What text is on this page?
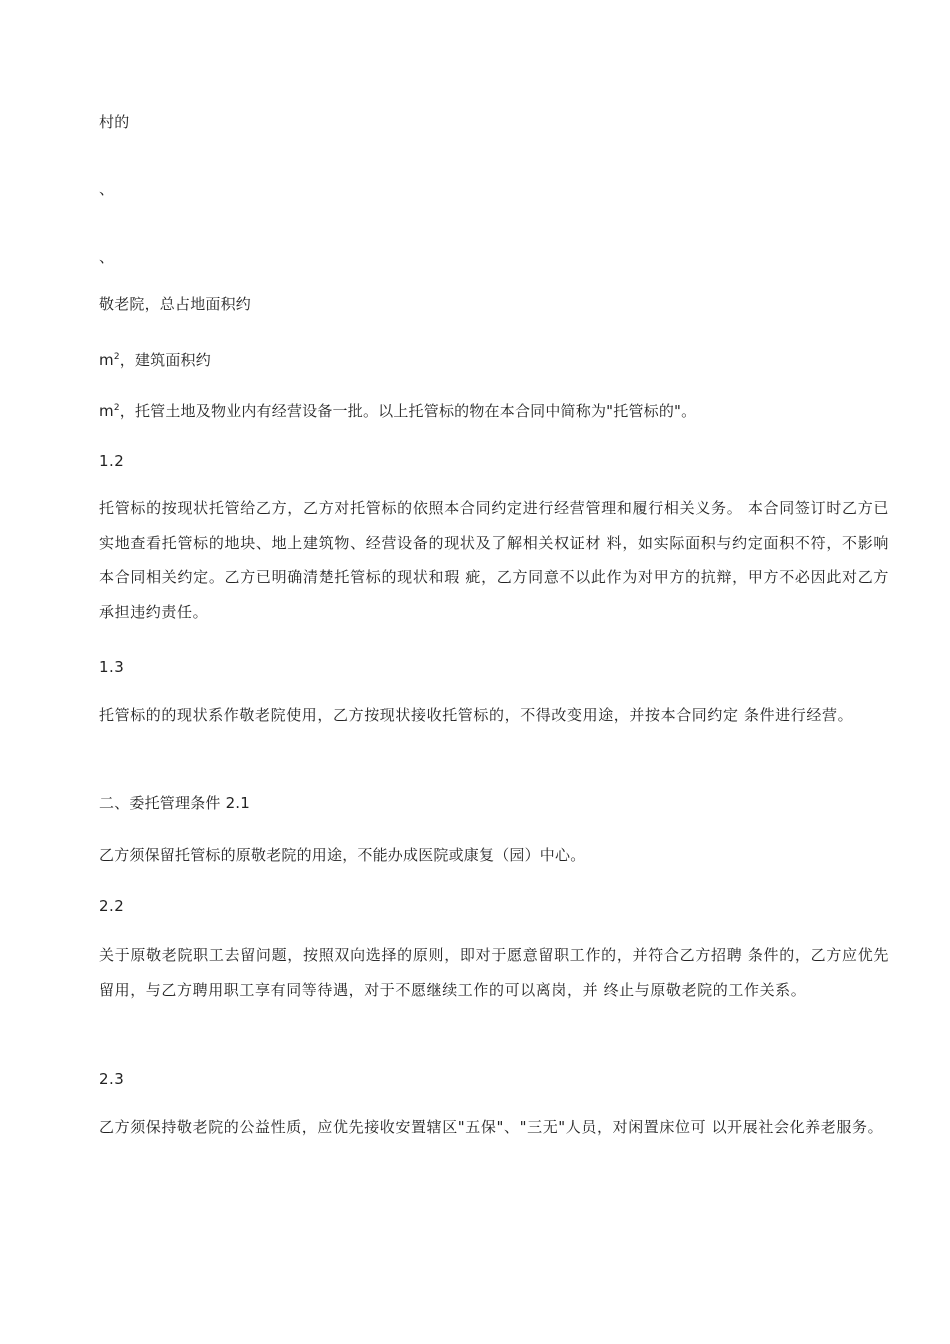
村的
、
、
敬老院，总占地面积约
$m^2$，建筑面积约
$m^2$，托管土地及物业内有经营设备一批。以上托管标的物在本合同中简称为"托管标的"。
1.2
托管标的按现状托管给乙方，乙方对托管标的依照本合同约定进行经营管理和履行相关义务。 本合同签订时乙方已实地查看托管标的地块、地上建筑物、经营设备的现状及了解相关权证材 料，如实际面积与约定面积不符，不影响本合同相关约定。乙方已明确清楚托管标的现状和瑕 疵，乙方同意不以此作为对甲方的抗辩，甲方不必因此对乙方承担违约责任。
1.3
托管标的的现状系作敬老院使用，乙方按现状接收托管标的，不得改变用途，并按本合同约定 条件进行经营。
二、委托管理条件 2.1
乙方须保留托管标的原敬老院的用途，不能办成医院或康复（园）中心。
2.2
关于原敬老院职工去留问题，按照双向选择的原则，即对于愿意留职工作的，并符合乙方招聘 条件的，乙方应优先留用，与乙方聘用职工享有同等待遇，对于不愿继续工作的可以离岗，并 终止与原敬老院的工作关系。
2.3
乙方须保持敬老院的公益性质，应优先接收安置辖区"五保"、"三无"人员，对闲置床位可 以开展社会化养老服务。
